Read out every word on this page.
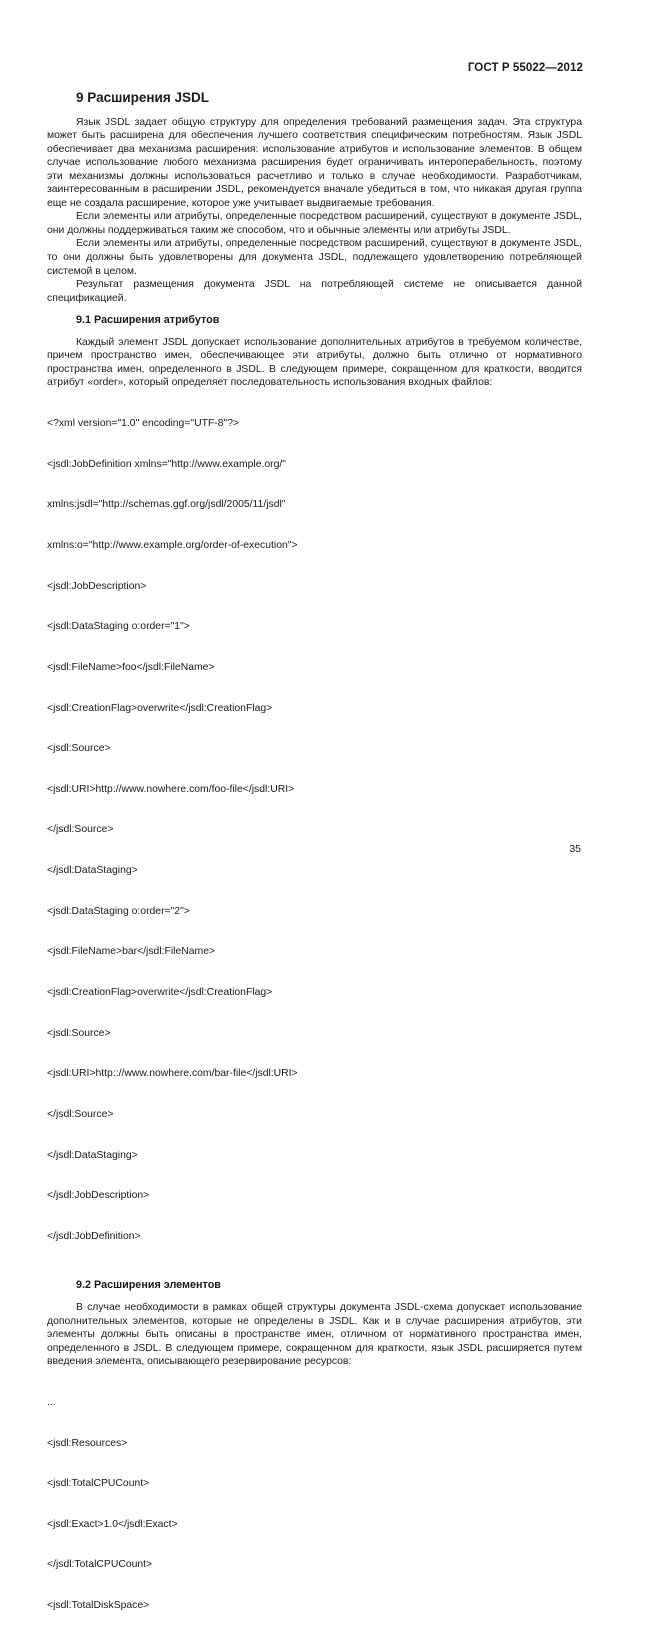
ГОСТ Р 55022—2012
9 Расширения JSDL

Язык JSDL задает общую структуру для определения требований размещения задач. Эта структура может быть расширена для обеспечения лучшего соответствия специфическим потребностям. Язык JSDL обеспечивает два механизма расширения: использование атрибутов и использование элементов. В общем случае использование любого механизма расширения будет ограничивать интероперабельность, поэтому эти механизмы должны использоваться расчетливо и только в случае необходимости. Разработчикам, заинтересованным в расширении JSDL, рекомендуется вначале убедиться в том, что никакая другая группа еще не создала расширение, которое уже учитывает выдвигаемые требования.

Если элементы или атрибуты, определенные посредством расширений, существуют в документе JSDL, они должны поддерживаться таким же способом, что и обычные элементы или атрибуты JSDL.

Если элементы или атрибуты, определенные посредством расширений, существуют в документе JSDL, то они должны быть удовлетворены для документа JSDL, подлежащего удовлетворению потребляющей системой в целом.

Результат размещения документа JSDL на потребляющей системе не описывается данной спецификацией.

9.1 Расширения атрибутов

Каждый элемент JSDL допускает использование дополнительных атрибутов в требуемом количестве, причем пространство имен, обеспечивающее эти атрибуты, должно быть отлично от нормативного пространства имен, определенного в JSDL. В следующем примере, сокращенном для краткости, вводится атрибут «order», который определяет последовательность использования входных файлов:

<?xml version="1.0" encoding="UTF-8"?>

<jsdl:JobDefinition xmlns="http://www.example.org/"

xmlns:jsdl="http://schemas.ggf.org/jsdl/2005/11/jsdl"

xmlns:o="http://www.example.org/order-of-execution">

<jsdl:JobDescription>

<jsdl:DataStaging o:order="1">

<jsdl:FileName>foo</jsdl:FileName>

<jsdl:CreationFlag>overwrite</jsdl:CreationFlag>

<jsdl:Source>

<jsdl:URI>http://www.nowhere.com/foo-file</jsdl:URI>

</jsdl:Source>

</jsdl:DataStaging>

<jsdl:DataStaging o:order="2">

<jsdl:FileName>bar</jsdl:FileName>

<jsdl:CreationFlag>overwrite</jsdl:CreationFlag>

<jsdl:Source>

<jsdl:URI>http:://www.nowhere.com/bar-file</jsdl:URI>

</jsdl:Source>

</jsdl:DataStaging>

</jsdl:JobDescription>

</jsdl:JobDefinition>

9.2 Расширения элементов

В случае необходимости в рамках общей структуры документа JSDL-схема допускает использование дополнительных элементов, которые не определены в JSDL. Как и в случае расширения атрибутов, эти элементы должны быть описаны в пространстве имен, отличном от нормативного пространства имен, определенного в JSDL. В следующем примере, сокращенном для краткости, язык JSDL расширяется путем введения элемента, описывающего резервирование ресурсов:

...

<jsdl:Resources>

<jsdl:TotalCPUCount>

<jsdl:Exact>1.0</jsdl:Exact>

</jsdl:TotalCPUCount>

<jsdl:TotalDiskSpace>

35
